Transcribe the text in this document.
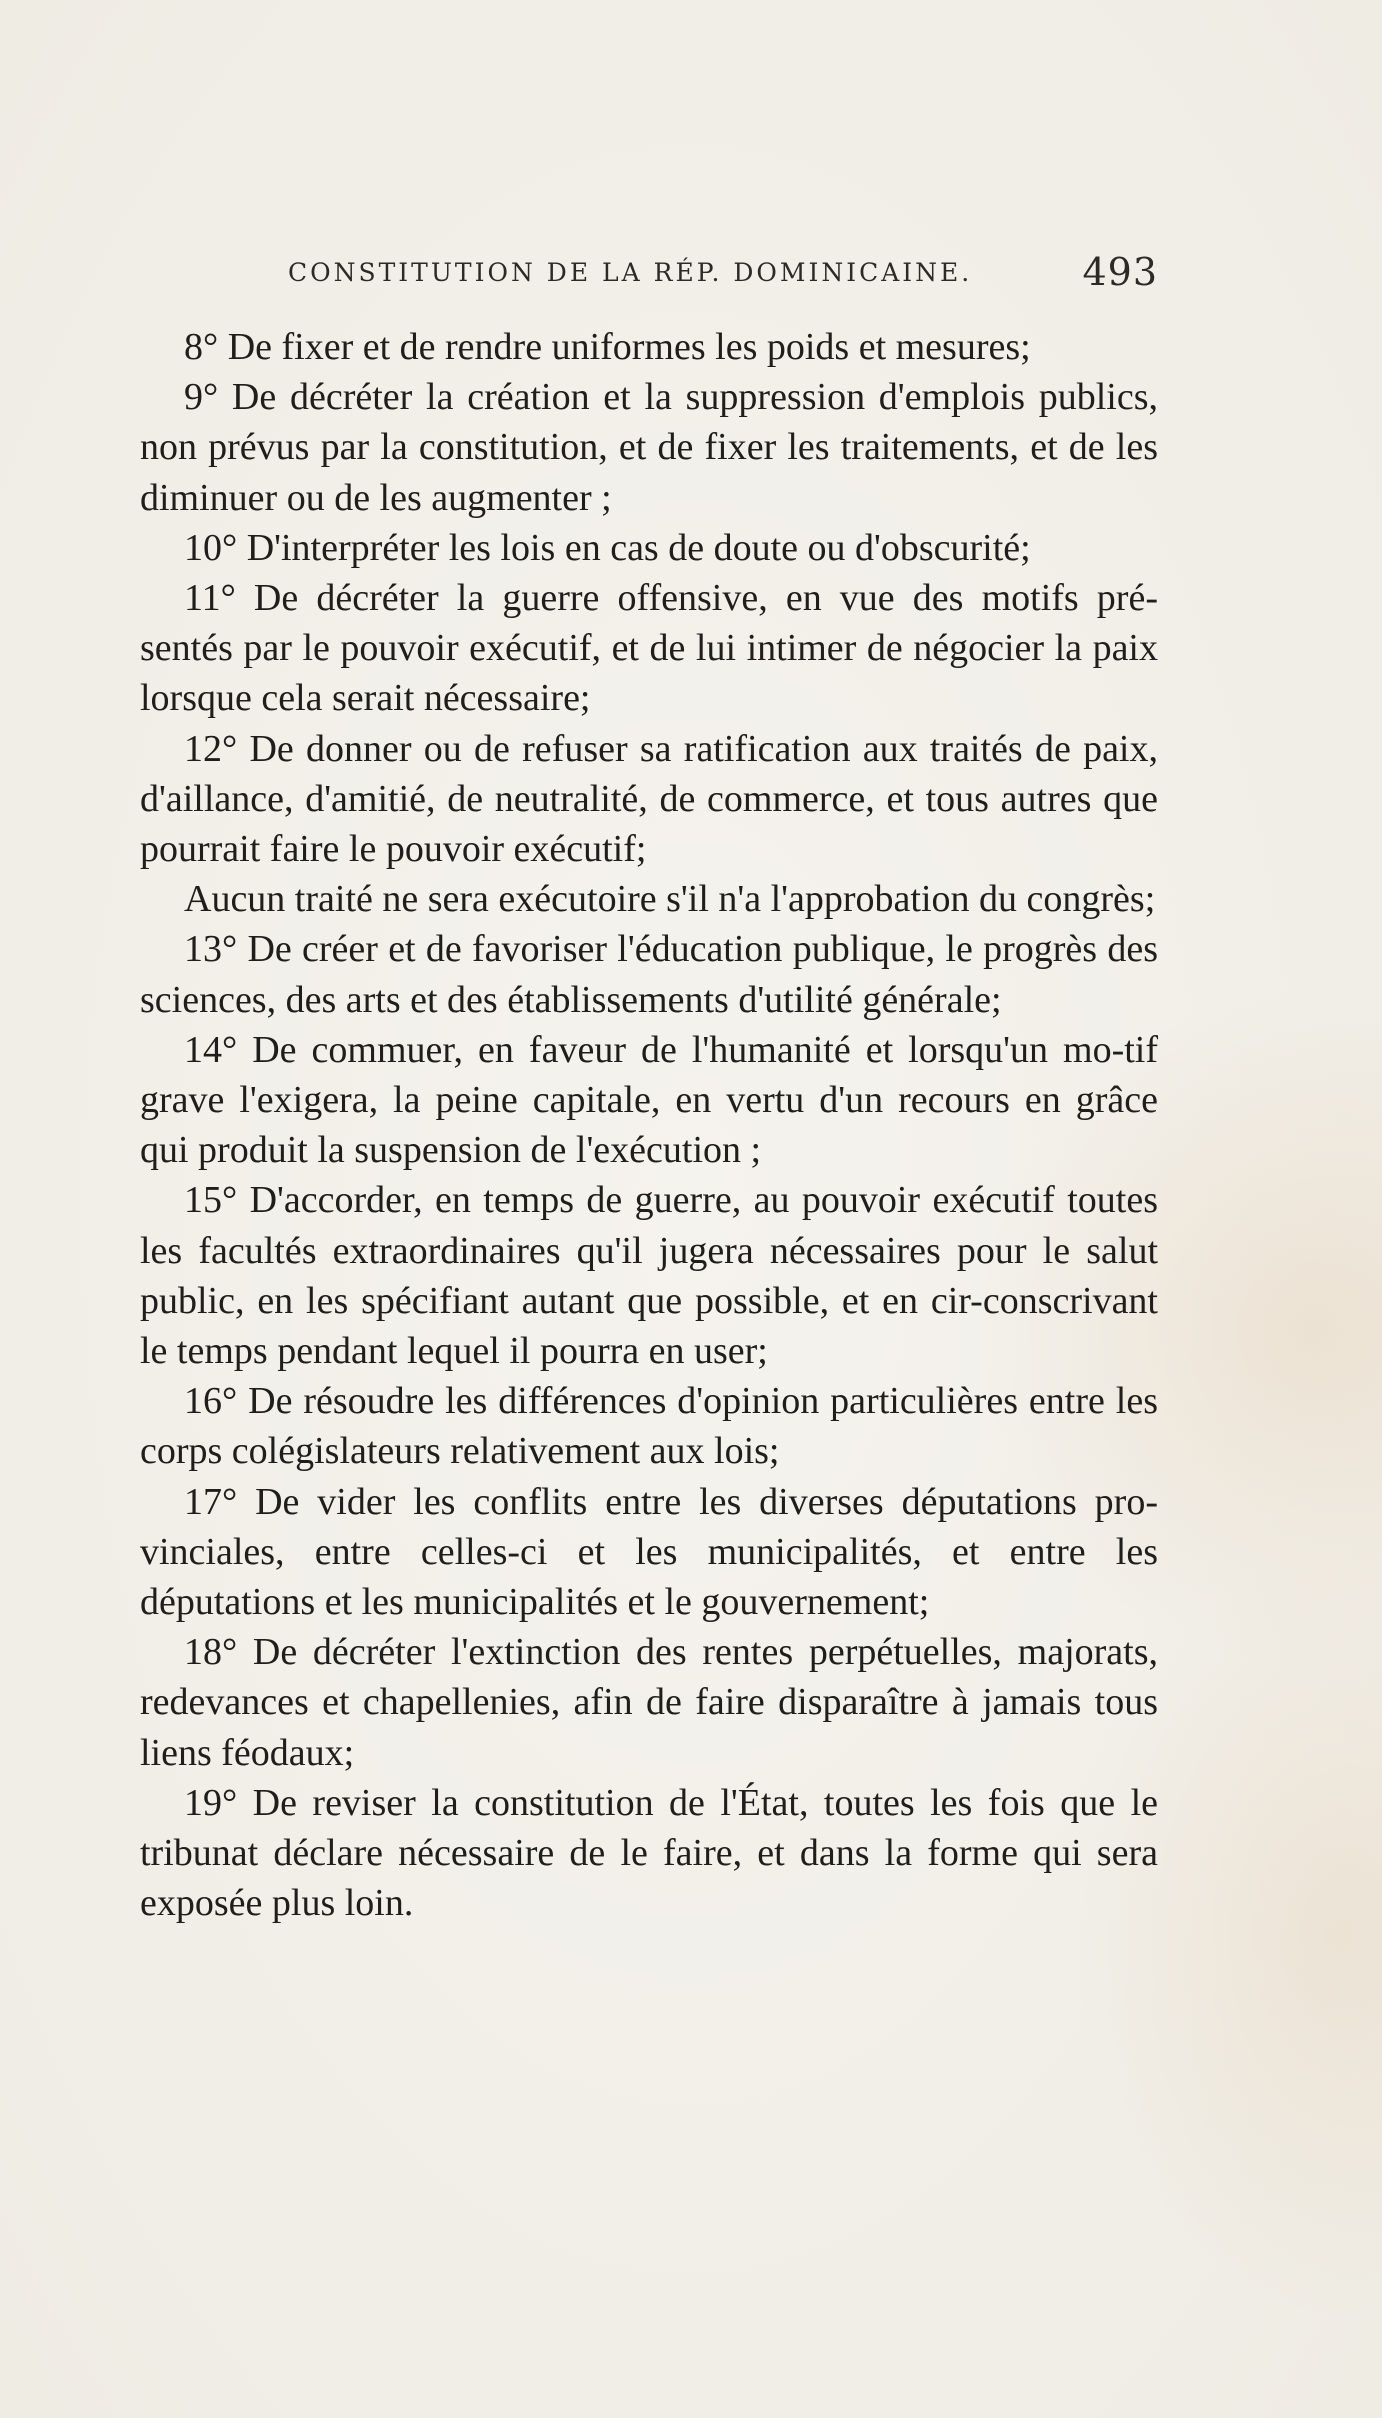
CONSTITUTION DE LA RÉP. DOMINICAINE.	493

8° De fixer et de rendre uniformes les poids et mesures;

9° De décréter la création et la suppression d'emplois publics, non prévus par la constitution, et de fixer les traitements, et de les diminuer ou de les augmenter ;

10° D'interpréter les lois en cas de doute ou d'obscurité;

11° De décréter la guerre offensive, en vue des motifs pré-sentés par le pouvoir exécutif, et de lui intimer de négocier la paix lorsque cela serait nécessaire;

12° De donner ou de refuser sa ratification aux traités de paix, d'aillance, d'amitié, de neutralité, de commerce, et tous autres que pourrait faire le pouvoir exécutif;

Aucun traité ne sera exécutoire s'il n'a l'approbation du congrès;

13° De créer et de favoriser l'éducation publique, le progrès des sciences, des arts et des établissements d'utilité générale;

14° De commuer, en faveur de l'humanité et lorsqu'un mo-tif grave l'exigera, la peine capitale, en vertu d'un recours en grâce qui produit la suspension de l'exécution ;

15° D'accorder, en temps de guerre, au pouvoir exécutif toutes les facultés extraordinaires qu'il jugera nécessaires pour le salut public, en les spécifiant autant que possible, et en cir-conscrivant le temps pendant lequel il pourra en user;

16° De résoudre les différences d'opinion particulières entre les corps colégislateurs relativement aux lois;

17° De vider les conflits entre les diverses députations pro-vinciales, entre celles-ci et les municipalités, et entre les députations et les municipalités et le gouvernement;

18° De décréter l'extinction des rentes perpétuelles, majorats, redevances et chapellenies, afin de faire disparaître à jamais tous liens féodaux;

19° De reviser la constitution de l'État, toutes les fois que le tribunat déclare nécessaire de le faire, et dans la forme qui sera exposée plus loin.
